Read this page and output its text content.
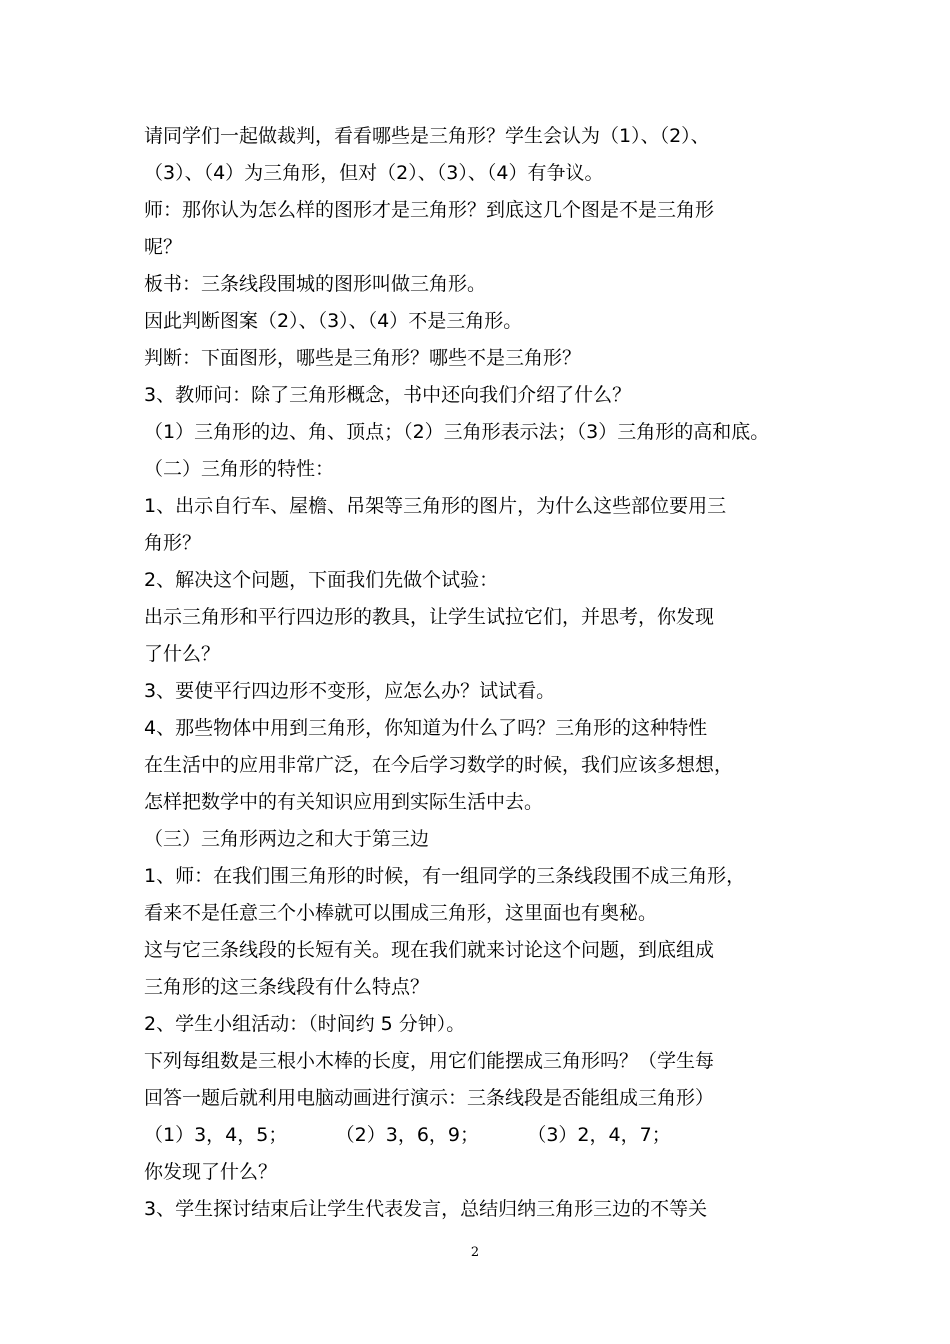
请同学们一起做裁判，看看哪些是三角形？学生会认为（1）、（2）、
（3）、（4）为三角形，但对（2）、（3）、（4）有争议。
师：那你认为怎么样的图形才是三角形？到底这几个图是不是三角形
呢？
板书：三条线段围城的图形叫做三角形。
因此判断图案（2）、（3）、（4）不是三角形。
判断：下面图形，哪些是三角形？哪些不是三角形？
3、教师问：除了三角形概念，书中还向我们介绍了什么？
（1）三角形的边、角、顶点；（2）三角形表示法；（3）三角形的高和底。
（二）三角形的特性：
1、出示自行车、屋檐、吊架等三角形的图片，为什么这些部位要用三
角形？
2、解决这个问题，下面我们先做个试验：
出示三角形和平行四边形的教具，让学生试拉它们，并思考，你发现
了什么？
3、要使平行四边形不变形，应怎么办？试试看。
4、那些物体中用到三角形，你知道为什么了吗？三角形的这种特性
在生活中的应用非常广泛，在今后学习数学的时候，我们应该多想想，
怎样把数学中的有关知识应用到实际生活中去。
（三）三角形两边之和大于第三边
1、师：在我们围三角形的时候，有一组同学的三条线段围不成三角形，
看来不是任意三个小棒就可以围成三角形，这里面也有奥秘。
这与它三条线段的长短有关。现在我们就来讨论这个问题，到底组成
三角形的这三条线段有什么特点？
2、学生小组活动：（时间约 5 分钟）。
下列每组数是三根小木棒的长度，用它们能摆成三角形吗？（学生每
回答一题后就利用电脑动画进行演示：三条线段是否能组成三角形）
（1）3，4，5；        （2）3，6，9；        （3）2，4，7；
你发现了什么？
3、学生探讨结束后让学生代表发言，总结归纳三角形三边的不等关
2
